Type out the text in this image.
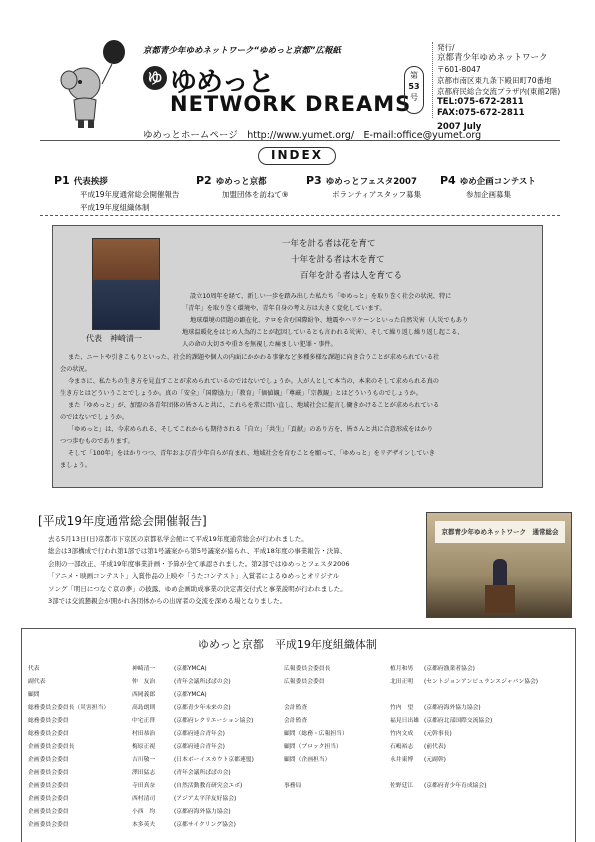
京都青少年ゆめネットワーク“ゆめっと京都”広報紙
ゆ ゆめっと
NETWORK DREAMS
第
53
号
発行/
京都青少年ゆめネットワーク
〒601-8047
京都市南区東九条下殿田町70番地
京都府民総合交流プラザ内(東館2階)
TEL:075-672-2811
FAX:075-672-2811
2007 July
ゆめっとホームページ　http://www.yumet.org/　E-mail:office@yumet.org
INDEX
P1 代表挨拶
平成19年度通常総会開催報告
平成19年度組織体制
P2 ゆめっと京都
加盟団体を訪ねて⑨
P3 ゆめっとフェスタ2007
ボランティアスタッフ募集
P4 ゆめ企画コンテスト
参加企画募集
代表　神崎清一
一年を計る者は花を育て
十年を計る者は木を育て
百年を計る者は人を育てる
設立10周年を経て、新しい一歩を踏み出した私たち「ゆめっと」を取り巻く社会の状況、特に
「青年」を取り巻く環境や、青年自身の考え方は大きく変化しています。
地球環境の問題の顕在化、テロを含む国際紛争、地震やハリケーンといった自然災害（人災でもあり
地球温暖化をはじめ人為的ことが起因しているとも言われる災害）、そして繰り返し繰り返し起こる、
人の命の大切さや重さを無視した痛ましい犯罪・事件。
また、ニートや引きこもりといった、社会的課題や個人の内面にかかわる事象など多種多様な課題に向き合うことが求められている社
会の状況。
今まさに、私たちの生き方を見直すことが求められているのではないでしょうか。人が人として本当の、本来のそして求められる真の
生き方とはどういうことでしょうか。真の「安全」「国際協力」「教育」「価値観」「尊厳」「宗教観」とはどういうものでしょうか。
また「ゆめっと」が、加盟の各青年団体の皆さんと共に、これらを常に問い直し、地域社会に提言し働きかけることが求められている
のではないでしょうか。
「ゆめっと」は、今求められる、そしてこれからも期待される「自立」「共生」「貢献」のあり方を、皆さんと共に合意形成をはかり
つつ歩むものであります。
そして「100年」をはかりつつ、青年および青少年自らが育まれ、地域社会を育むことを願って、「ゆめっと」をリデザインしていき
ましょう。
[平成19年度通常総会開催報告]
去る5月13日(日)京都市下京区の京都私学会館にて平成19年度通常総会が行われました。
総会は3部構成で行われ第1部では第1号議案から第5号議案が協られ、平成18年度の事業報告・決算、
会則の一部改正、平成19年度事業計画・予算が全て承認されました。第2部ではゆめっとフェスタ2006
「アニメ・映画コンテスト」入賞作品の上映や「うたコンテスト」入賞者によるゆめっとオリジナル
ソング「明日につなぐ京の夢」の披露、ゆめ企画助成事業の決定書交付式と事業説明が行われました。
3部では交流懇親会が開かれ各団体からの出席者の交流を深める場となりました。
京都青少年ゆめネットワーク　通常総会
ゆめっと京都　平成19年度組織体制
代表	神崎清一	(京都YMCA)
副代表	仲　友治	(青年会議所ぱぱの会)
顧問	西岡義郎	(京都YMCA)
総務委員会委員長（災害担当）	高島朗則	(京都青少年未来の会)
総務委員会委員	中宅正啓	(京都府レクリエーション協会)
総務委員会委員	村田恭治	(京都府連合青年会)
企画委員会委員長	梅原正視	(京都府連合青年会)
企画委員会委員	吉川敬一	(日本ボーイスカウト京都連盟)
企画委員会委員	澤田猛志	(青年会議所ぱぱの会)
企画委員会委員	寺田真奈	(自然活動教育研究会エボ)
企画委員会委員	西村清司	(アジア太平洋友好協会)
企画委員会委員	小西　均	(京都府海外協力協会)
企画委員会委員	本多英夫	(京都サイクリング協会)
広報委員会委員長	植月和男 (京都府漁業者協会)
広報委員会委員	北田正明 (セントジョンアンビュランスジャパン協会)
会計監査	竹内　望 (京都府海外協力協会)
会計監査	福見日出雄 (京都府北部国際交流協会)
顧問（総務・広報担当）	竹内文成 (元幹事長)
顧問（ブロック担当）	石嶋裕志 (前代表)
顧問（企画担当）	永井東博 (元副幹)
事務局	佐野廷江 (京都府青少年育成協会)
